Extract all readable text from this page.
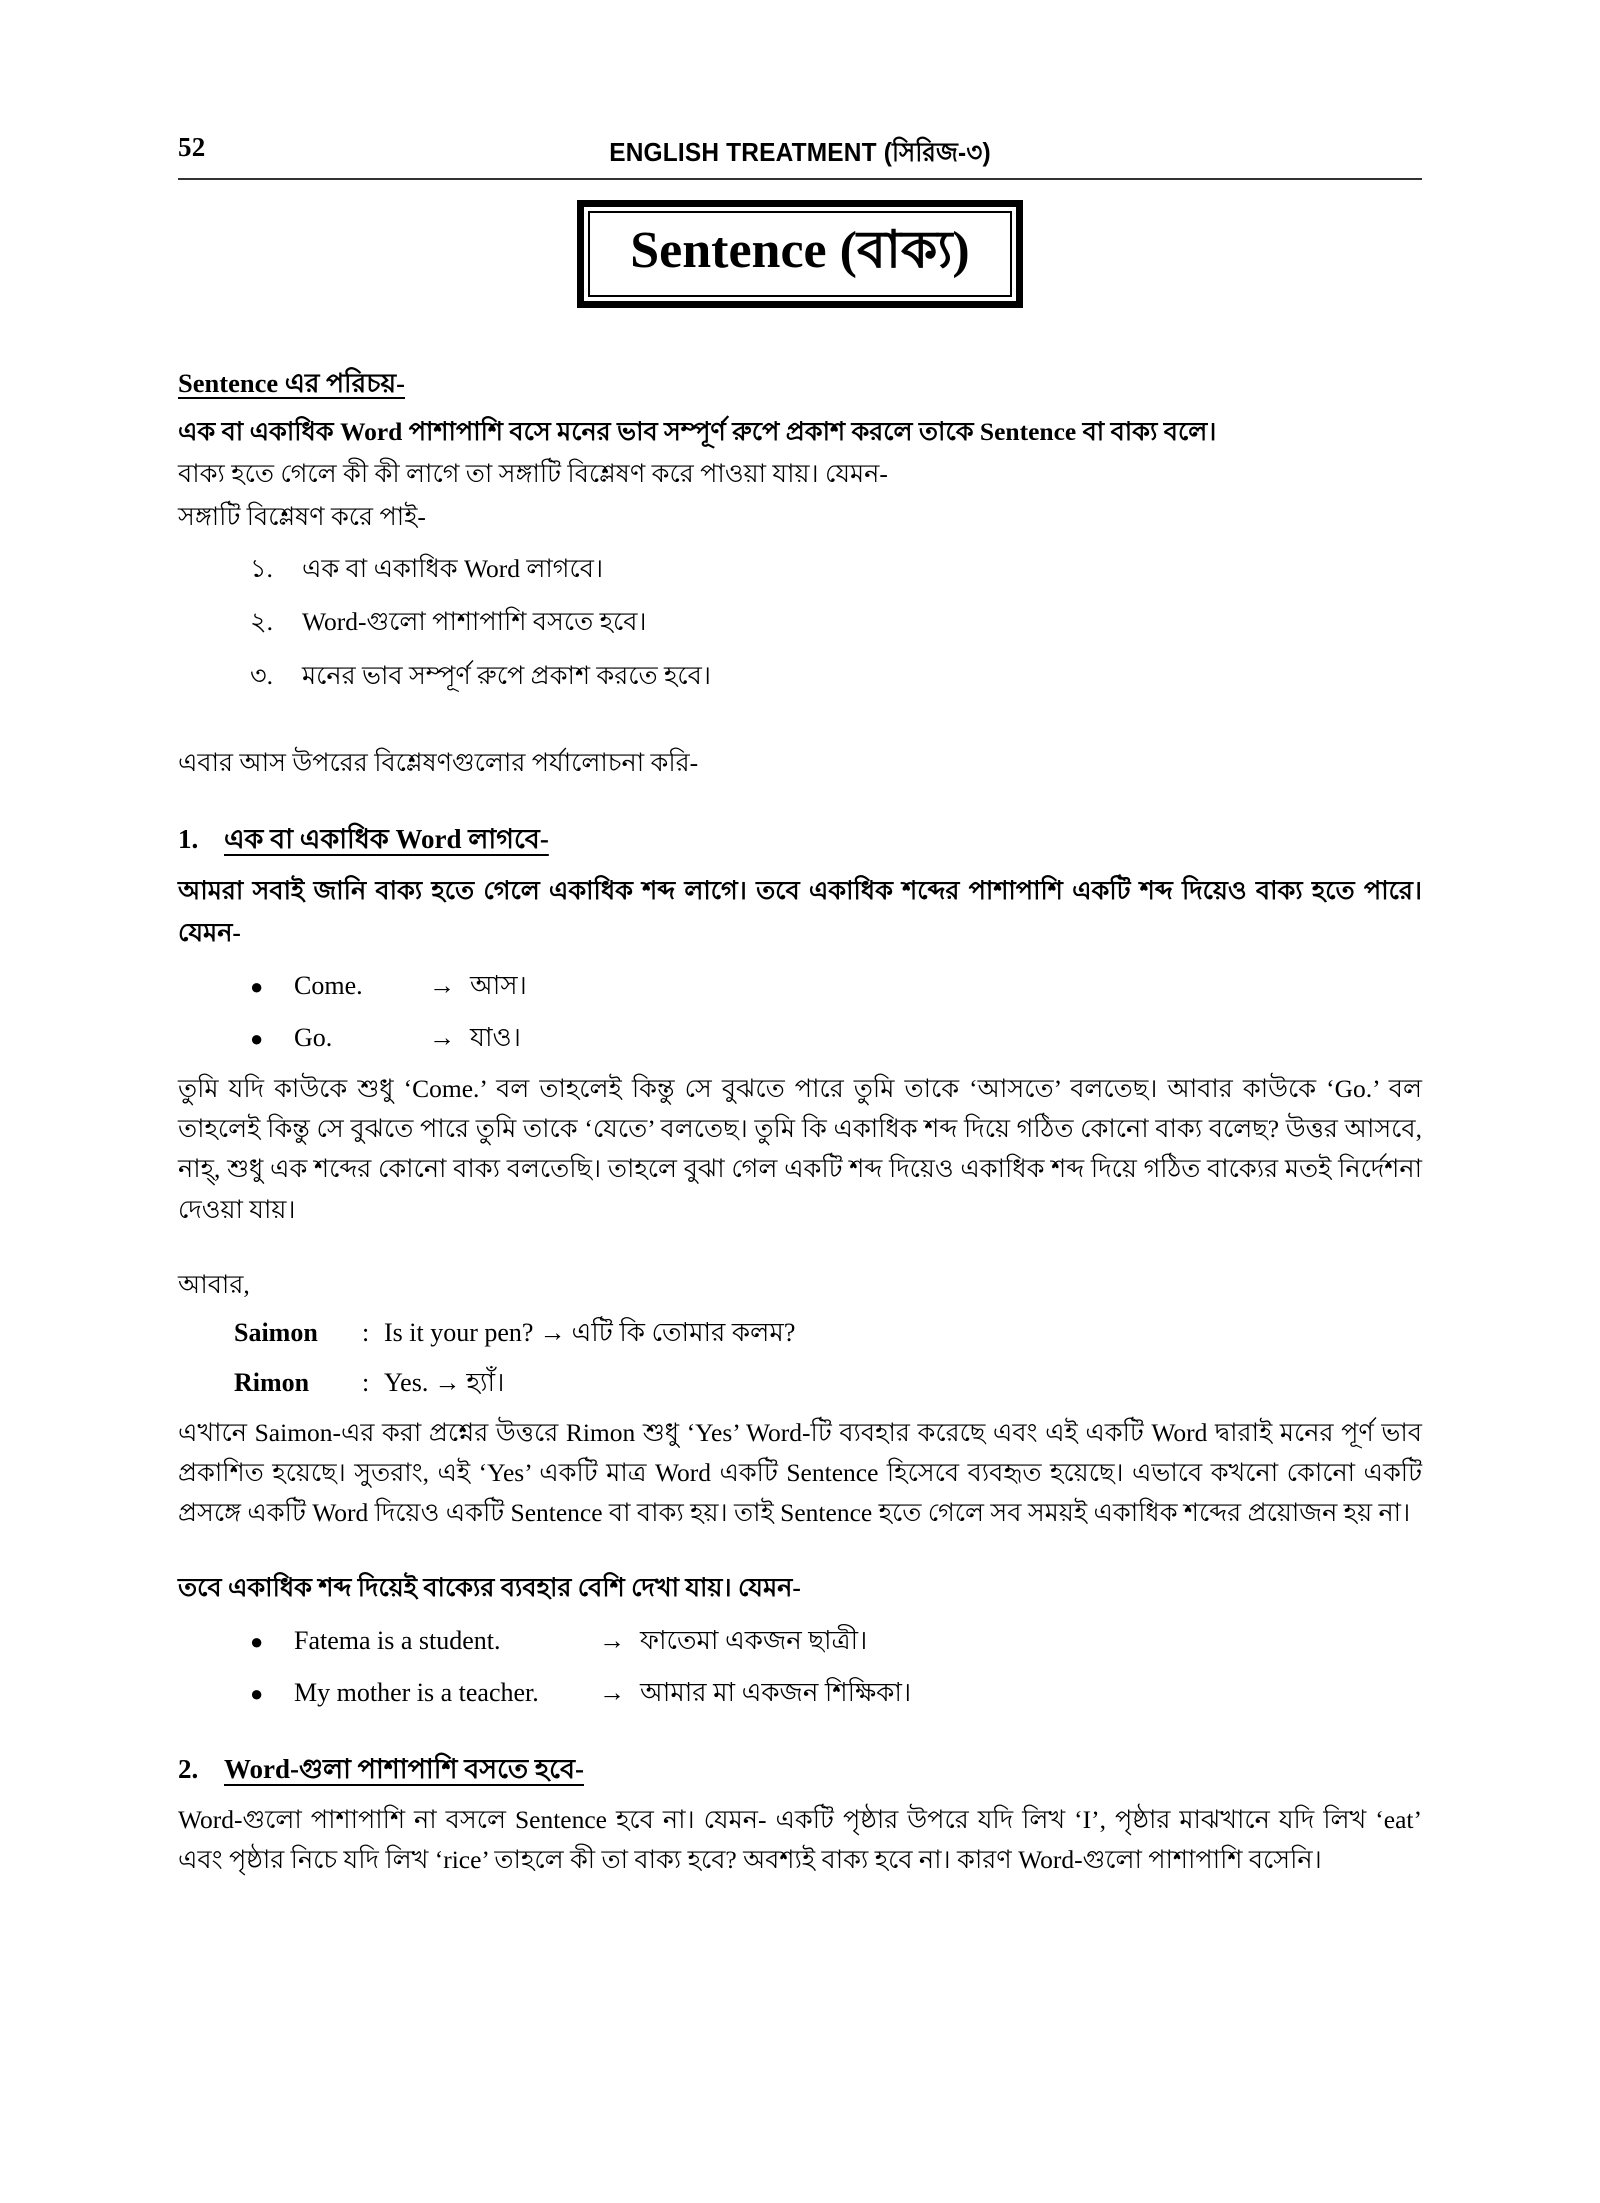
52	ENGLISH TREATMENT (সিরিজ-৩)
Sentence (বাক্য)
Sentence এর পরিচয়-

এক বা একাধিক Word পাশাপাশি বসে মনের ভাব সম্পূর্ণ রুপে প্রকাশ করলে তাকে Sentence বা বাক্য বলে।

বাক্য হতে গেলে কী কী লাগে তা সঙ্গাটি বিশ্লেষণ করে পাওয়া যায়। যেমন-

সঙ্গাটি বিশ্লেষণ করে পাই-

১.	এক বা একাধিক Word লাগবে।
২.	Word-গুলো পাশাপাশি বসতে হবে।
৩.	মনের ভাব সম্পূর্ণ রুপে প্রকাশ করতে হবে।

এবার আস উপরের বিশ্লেষণগুলোর পর্যালোচনা করি-

1. এক বা একাধিক Word লাগবে-

আমরা সবাই জানি বাক্য হতে গেলে একাধিক শব্দ লাগে। তবে একাধিক শব্দের পাশাপাশি একটি শব্দ দিয়েও বাক্য হতে পারে। যেমন-

●	Come.	→ আস।
●	Go.	→ যাও।

তুমি যদি কাউকে শুধু ‘Come.’ বল তাহলেই কিন্তু সে বুঝতে পারে তুমি তাকে ‘আসতে’ বলতেছ। আবার কাউকে ‘Go.’ বল তাহলেই কিন্তু সে বুঝতে পারে তুমি তাকে ‘যেতে’ বলতেছ। তুমি কি একাধিক শব্দ দিয়ে গঠিত কোনো বাক্য বলেছ? উত্তর আসবে, নাহ্, শুধু এক শব্দের কোনো বাক্য বলতেছি। তাহলে বুঝা গেল একটি শব্দ দিয়েও একাধিক শব্দ দিয়ে গঠিত বাক্যের মতই নির্দেশনা দেওয়া যায়।

আবার,

Saimon	: Is it your pen? → এটি কি তোমার কলম?
Rimon	: Yes. → হ্যাঁ।

এখানে Saimon-এর করা প্রশ্নের উত্তরে Rimon শুধু ‘Yes’ Word-টি ব্যবহার করেছে এবং এই একটি Word দ্বারাই মনের পূর্ণ ভাব প্রকাশিত হয়েছে। সুতরাং, এই ‘Yes’ একটি মাত্র Word একটি Sentence হিসেবে ব্যবহৃত হয়েছে। এভাবে কখনো কোনো একটি প্রসঙ্গে একটি Word দিয়েও একটি Sentence বা বাক্য হয়। তাই Sentence হতে গেলে সব সময়ই একাধিক শব্দের প্রয়োজন হয় না।

তবে একাধিক শব্দ দিয়েই বাক্যের ব্যবহার বেশি দেখা যায়। যেমন-

●	Fatema is a student.	→ ফাতেমা একজন ছাত্রী।
●	My mother is a teacher.	→ আমার মা একজন শিক্ষিকা।
2. Word-গুলা পাশাপাশি বসতে হবে-

Word-গুলো পাশাপাশি না বসলে Sentence হবে না। যেমন- একটি পৃষ্ঠার উপরে যদি লিখ ‘I’, পৃষ্ঠার মাঝখানে যদি লিখ ‘eat’ এবং পৃষ্ঠার নিচে যদি লিখ ‘rice’ তাহলে কী তা বাক্য হবে? অবশ্যই বাক্য হবে না। কারণ Word-গুলো পাশাপাশি বসেনি।
